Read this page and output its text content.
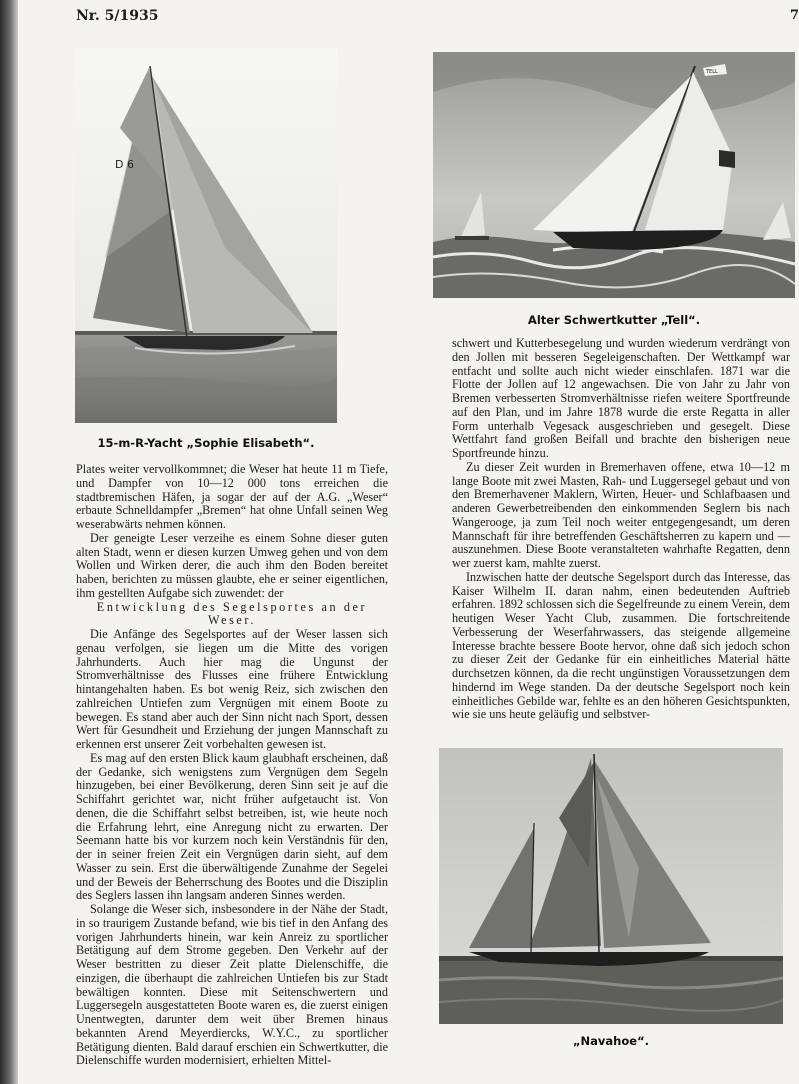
Nr. 5/1935	7
D 6
15-m-R-Yacht „Sophie Elisabeth“.
TELL
Alter Schwertkutter „Tell“.
„Navahoe“.

Plates weiter vervollkommnet; die Weser hat heute 11 m Tiefe, und Dampfer von 10—12 000 tons erreichen die stadtbremischen Häfen, ja sogar der auf der A.G. „Weser“ erbaute Schnelldampfer „Bremen“ hat ohne Unfall seinen Weg weserabwärts nehmen können.

Der geneigte Leser verzeihe es einem Sohne dieser guten alten Stadt, wenn er diesen kurzen Umweg gehen und von dem Wollen und Wirken derer, die auch ihm den Boden bereitet haben, berichten zu müssen glaubte, ehe er seiner eigentlichen, ihm gestellten Aufgabe sich zuwendet: der

Entwicklung des Segelsportes an der Weser.

Die Anfänge des Segelsportes auf der Weser lassen sich genau verfolgen, sie liegen um die Mitte des vorigen Jahrhunderts. Auch hier mag die Ungunst der Stromverhältnisse des Flusses eine frühere Entwicklung hintangehalten haben. Es bot wenig Reiz, sich zwischen den zahlreichen Untiefen zum Vergnügen mit einem Boote zu bewegen. Es stand aber auch der Sinn nicht nach Sport, dessen Wert für Gesundheit und Erziehung der jungen Mannschaft zu erkennen erst unserer Zeit vorbehalten gewesen ist.

Es mag auf den ersten Blick kaum glaubhaft erscheinen, daß der Gedanke, sich wenigstens zum Vergnügen dem Segeln hinzugeben, bei einer Bevölkerung, deren Sinn seit je auf die Schiffahrt gerichtet war, nicht früher aufgetaucht ist. Von denen, die die Schiffahrt selbst betreiben, ist, wie heute noch die Erfahrung lehrt, eine Anregung nicht zu erwarten. Der Seemann hatte bis vor kurzem noch kein Verständnis für den, der in seiner freien Zeit ein Vergnügen darin sieht, auf dem Wasser zu sein. Erst die überwältigende Zunahme der Segelei und der Beweis der Beherrschung des Bootes und die Disziplin des Seglers lassen ihn langsam anderen Sinnes werden.

Solange die Weser sich, insbesondere in der Nähe der Stadt, in so traurigem Zustande befand, wie bis tief in den Anfang des vorigen Jahrhunderts hinein, war kein Anreiz zu sportlicher Betätigung auf dem Strome gegeben. Den Verkehr auf der Weser bestritten zu dieser Zeit platte Dielenschiffe, die einzigen, die überhaupt die zahlreichen Untiefen bis zur Stadt bewältigen konnten. Diese mit Seitenschwertern und Luggersegeln ausgestatteten Boote waren es, die zuerst einigen Unentwegten, darunter dem weit über Bremen hinaus bekannten Arend Meyerdiercks, W.Y.C., zu sportlicher Betätigung dienten. Bald darauf erschien ein Schwertkutter, die Dielenschiffe wurden modernisiert, erhielten Mittel-

schwert und Kutterbesegelung und wurden wiederum verdrängt von den Jollen mit besseren Segeleigenschaften. Der Wettkampf war entfacht und sollte auch nicht wieder einschlafen. 1871 war die Flotte der Jollen auf 12 angewachsen. Die von Jahr zu Jahr von Bremen verbesserten Stromverhältnisse riefen weitere Sportfreunde auf den Plan, und im Jahre 1878 wurde die erste Regatta in aller Form unterhalb Vegesack ausgeschrieben und gesegelt. Diese Wettfahrt fand großen Beifall und brachte den bisherigen neue Sportfreunde hinzu.

Zu dieser Zeit wurden in Bremerhaven offene, etwa 10—12 m lange Boote mit zwei Masten, Rah- und Luggersegel gebaut und von den Bremerhavener Maklern, Wirten, Heuer- und Schlafbaasen und anderen Gewerbetreibenden den einkommenden Seglern bis nach Wangerooge, ja zum Teil noch weiter entgegengesandt, um deren Mannschaft für ihre betreffenden Geschäftsherren zu kapern und — auszunehmen. Diese Boote veranstalteten wahrhafte Regatten, denn wer zuerst kam, mahlte zuerst.

Inzwischen hatte der deutsche Segelsport durch das Interesse, das Kaiser Wilhelm II. daran nahm, einen bedeutenden Auftrieb erfahren. 1892 schlossen sich die Segelfreunde zu einem Verein, dem heutigen Weser Yacht Club, zusammen. Die fortschreitende Verbesserung der Weserfahrwassers, das steigende allgemeine Interesse brachte bessere Boote hervor, ohne daß sich jedoch schon zu dieser Zeit der Gedanke für ein einheitliches Material hätte durchsetzen können, da die recht ungünstigen Voraussetzungen dem hindernd im Wege standen. Da der deutsche Segelsport noch kein einheitliches Gebilde war, fehlte es an den höheren Gesichtspunkten, wie sie uns heute geläufig und selbstver-
